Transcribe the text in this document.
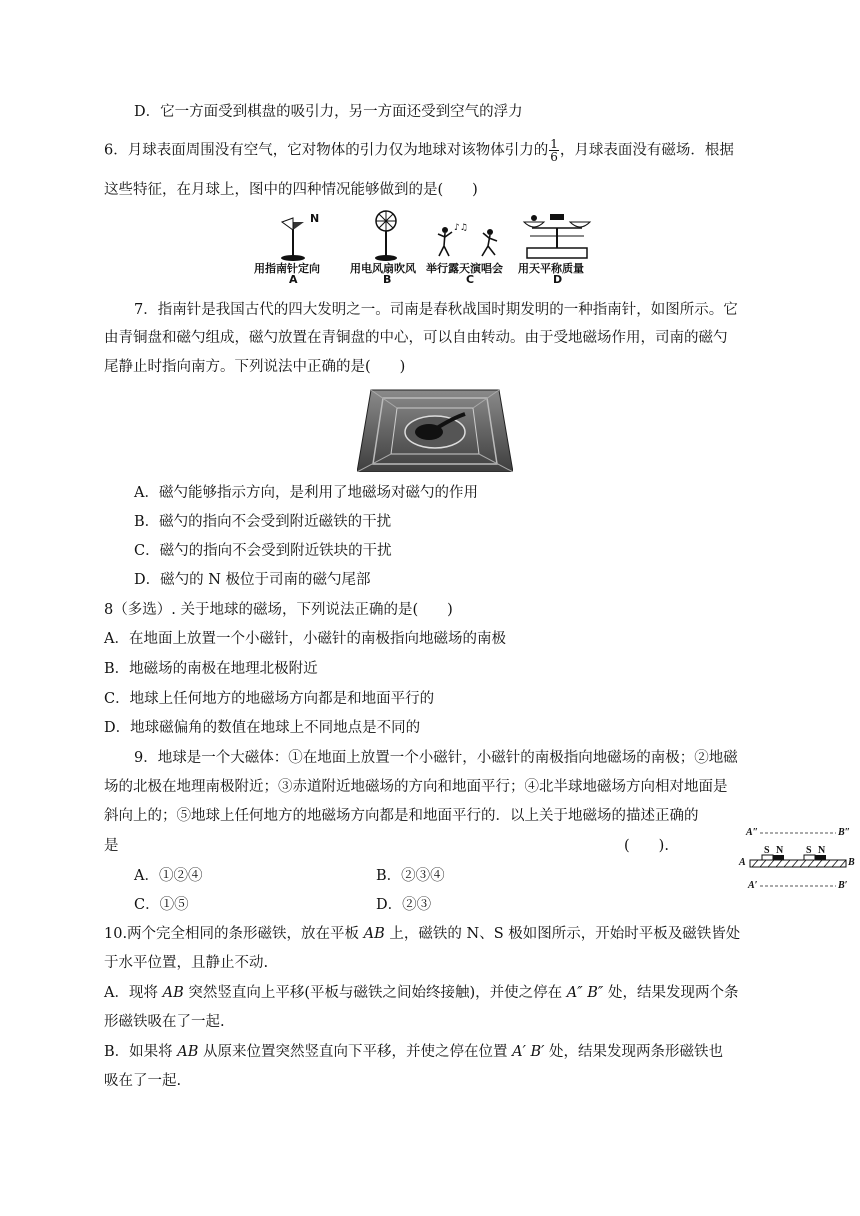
D．它一方面受到棋盘的吸引力，另一方面还受到空气的浮力
6．月球表面周围没有空气，它对物体的引力仅为地球对该物体引力的 $\frac{1}{6}$ ，月球表面没有磁场．根据
这些特征，在月球上，图中的四种情况能够做到的是(　　)
♪♫
用指南针定向
A
用电风扇吹风
B
举行露天演唱会
C
用天平称质量
D
N
7．指南针是我国古代的四大发明之一。司南是春秋战国时期发明的一种指南针，如图所示。它
由青铜盘和磁勺组成，磁勺放置在青铜盘的中心，可以自由转动。由于受地磁场作用，司南的磁勺
尾静止时指向南方。下列说法中正确的是(　　)
A．磁勺能够指示方向，是利用了地磁场对磁勺的作用
B．磁勺的指向不会受到附近磁铁的干扰
C．磁勺的指向不会受到附近铁块的干扰
D．磁勺的 N 极位于司南的磁勺尾部
8（多选）. 关于地球的磁场，下列说法正确的是(　　)
A．在地面上放置一个小磁针，小磁针的南极指向地磁场的南极
B．地磁场的南极在地理北极附近
C．地球上任何地方的地磁场方向都是和地面平行的
D．地球磁偏角的数值在地球上不同地点是不同的
9．地球是一个大磁体：①在地面上放置一个小磁针，小磁针的南极指向地磁场的南极；②地磁
场的北极在地理南极附近；③赤道附近地磁场的方向和地面平行；④北半球地磁场方向相对地面是
斜向上的；⑤地球上任何地方的地磁场方向都是和地面平行的．以上关于地磁场的描述正确的
是	(　　).
A．①②④	B．②③④
C．①⑤	D．②③
A″	B″
A	B
A′	B′
S N S N
10.两个完全相同的条形磁铁，放在平板 AB 上，磁铁的 N、S 极如图所示，开始时平板及磁铁皆处
于水平位置，且静止不动.
A．现将 AB 突然竖直向上平移(平板与磁铁之间始终接触)，并使之停在 A″ B″ 处，结果发现两个条
形磁铁吸在了一起.
B．如果将 AB 从原来位置突然竖直向下平移，并使之停在位置 A′ B′ 处，结果发现两条形磁铁也
吸在了一起.
